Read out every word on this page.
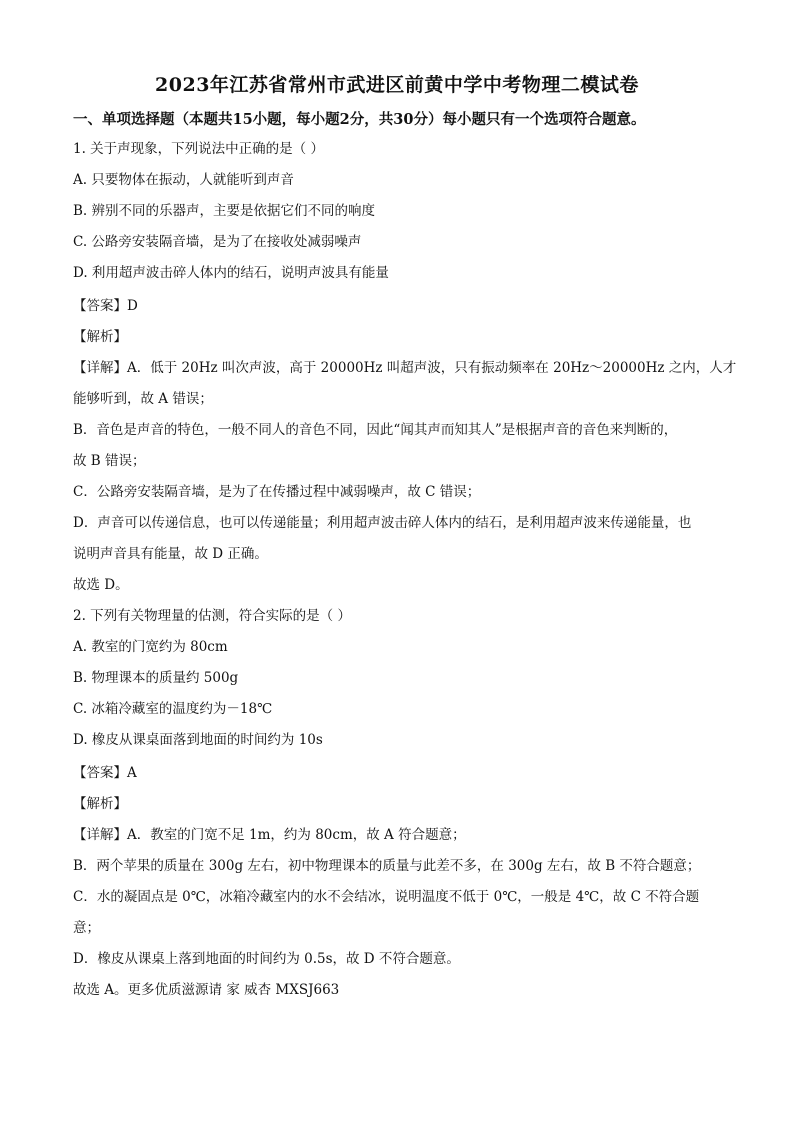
2023年江苏省常州市武进区前黄中学中考物理二模试卷
一、单项选择题（本题共15小题，每小题2分，共30分）每小题只有一个选项符合题意。
1. 关于声现象，下列说法中正确的是（ ）
A. 只要物体在振动，人就能听到声音
B. 辨别不同的乐器声，主要是依据它们不同的响度
C. 公路旁安装隔音墙，是为了在接收处减弱噪声
D. 利用超声波击碎人体内的结石，说明声波具有能量
【答案】D
【解析】
【详解】A．低于 20Hz 叫次声波，高于 20000Hz 叫超声波，只有振动频率在 20Hz～20000Hz 之内，人才
能够听到，故 A 错误；
B．音色是声音的特色，一般不同人的音色不同，因此“闻其声而知其人”是根据声音的音色来判断的，
故 B 错误；
C．公路旁安装隔音墙，是为了在传播过程中减弱噪声，故 C 错误；
D．声音可以传递信息，也可以传递能量；利用超声波击碎人体内的结石，是利用超声波来传递能量，也
说明声音具有能量，故 D 正确。
故选 D。
2. 下列有关物理量的估测，符合实际的是（ ）
A. 教室的门宽约为 80cm
B. 物理课本的质量约 500g
C. 冰箱冷藏室的温度约为－18℃
D. 橡皮从课桌面落到地面的时间约为 10s
【答案】A
【解析】
【详解】A．教室的门宽不足 1m，约为 80cm，故 A 符合题意；
B．两个苹果的质量在 300g 左右，初中物理课本的质量与此差不多，在 300g 左右，故 B 不符合题意；
C．水的凝固点是 0℃，冰箱冷藏室内的水不会结冰，说明温度不低于 0℃，一般是 4℃，故 C 不符合题
意；
D．橡皮从课桌上落到地面的时间约为 0.5s，故 D 不符合题意。
故选 A。更多优质滋源请 家 威杏 MXSJ663
